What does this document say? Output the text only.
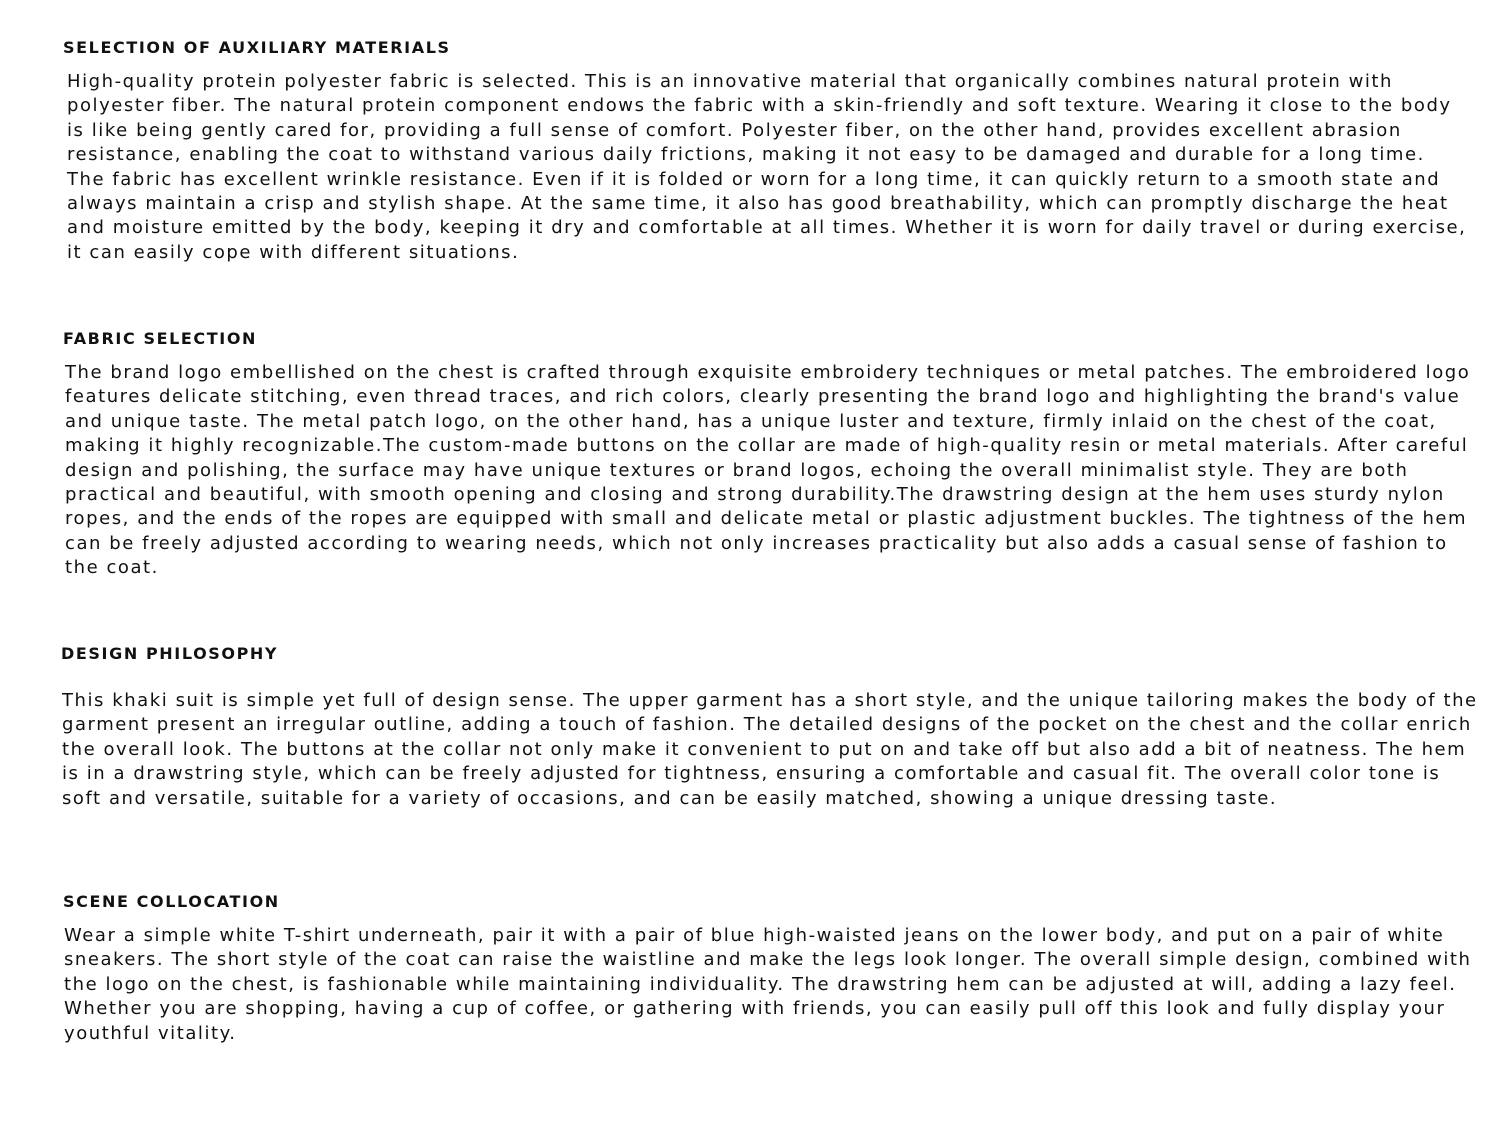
SELECTION OF AUXILIARY MATERIALS
High-quality protein polyester fabric is selected. This is an innovative material that organically combines natural protein with
polyester fiber. The natural protein component endows the fabric with a skin-friendly and soft texture. Wearing it close to the body
is like being gently cared for, providing a full sense of comfort. Polyester fiber, on the other hand, provides excellent abrasion
resistance, enabling the coat to withstand various daily frictions, making it not easy to be damaged and durable for a long time.
The fabric has excellent wrinkle resistance. Even if it is folded or worn for a long time, it can quickly return to a smooth state and
always maintain a crisp and stylish shape. At the same time, it also has good breathability, which can promptly discharge the heat
and moisture emitted by the body, keeping it dry and comfortable at all times. Whether it is worn for daily travel or during exercise,
it can easily cope with different situations.
FABRIC SELECTION
The brand logo embellished on the chest is crafted through exquisite embroidery techniques or metal patches. The embroidered logo
features delicate stitching, even thread traces, and rich colors, clearly presenting the brand logo and highlighting the brand's value
and unique taste. The metal patch logo, on the other hand, has a unique luster and texture, firmly inlaid on the chest of the coat,
making it highly recognizable.The custom-made buttons on the collar are made of high-quality resin or metal materials. After careful
design and polishing, the surface may have unique textures or brand logos, echoing the overall minimalist style. They are both
practical and beautiful, with smooth opening and closing and strong durability.The drawstring design at the hem uses sturdy nylon
ropes, and the ends of the ropes are equipped with small and delicate metal or plastic adjustment buckles. The tightness of the hem
can be freely adjusted according to wearing needs, which not only increases practicality but also adds a casual sense of fashion to
the coat.
DESIGN PHILOSOPHY
This khaki suit is simple yet full of design sense. The upper garment has a short style, and the unique tailoring makes the body of the
garment present an irregular outline, adding a touch of fashion. The detailed designs of the pocket on the chest and the collar enrich
the overall look. The buttons at the collar not only make it convenient to put on and take off but also add a bit of neatness. The hem
is in a drawstring style, which can be freely adjusted for tightness, ensuring a comfortable and casual fit. The overall color tone is
soft and versatile, suitable for a variety of occasions, and can be easily matched, showing a unique dressing taste.
SCENE COLLOCATION
Wear a simple white T-shirt underneath, pair it with a pair of blue high-waisted jeans on the lower body, and put on a pair of white
sneakers. The short style of the coat can raise the waistline and make the legs look longer. The overall simple design, combined with
the logo on the chest, is fashionable while maintaining individuality. The drawstring hem can be adjusted at will, adding a lazy feel.
Whether you are shopping, having a cup of coffee, or gathering with friends, you can easily pull off this look and fully display your
youthful vitality.
